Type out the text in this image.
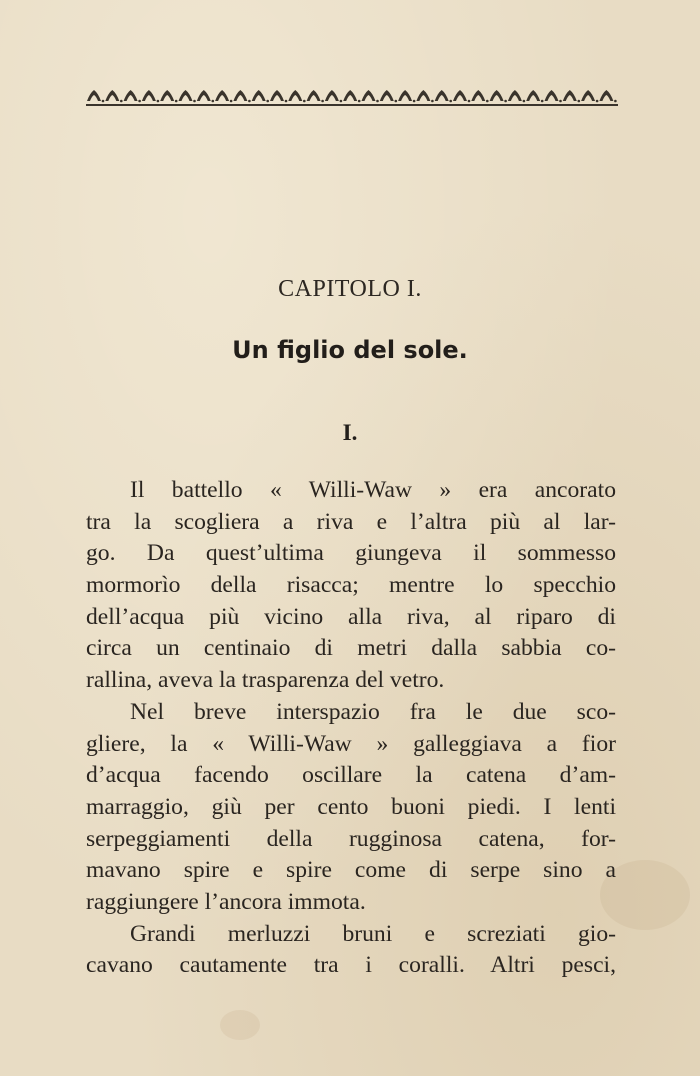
CAPITOLO I.
Un figlio del sole.
I.
Il battello « Willi-Waw » era ancorato
tra la scogliera a riva e l’altra più al lar-
go. Da quest’ultima giungeva il sommesso
mormorìo della risacca; mentre lo specchio
dell’acqua più vicino alla riva, al riparo di
circa un centinaio di metri dalla sabbia co-
rallina, aveva la trasparenza del vetro.
Nel breve interspazio fra le due sco-
gliere, la « Willi-Waw » galleggiava a fior
d’acqua facendo oscillare la catena d’am-
marraggio, giù per cento buoni piedi. I lenti
serpeggiamenti della rugginosa catena, for-
mavano spire e spire come di serpe sino a
raggiungere l’ancora immota.
Grandi merluzzi bruni e screziati gio-
cavano cautamente tra i coralli. Altri pesci,
